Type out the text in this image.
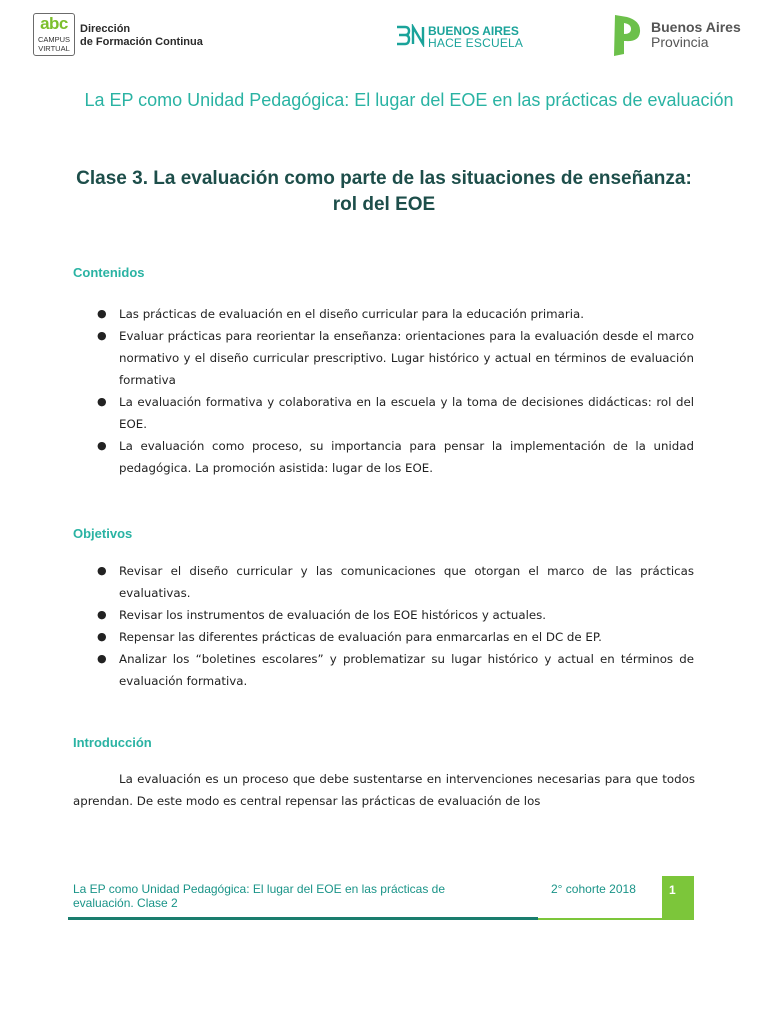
abc
CAMPUS
VIRTUAL
Dirección
de Formación Continua
BUENOS AIRES
HACE ESCUELA
Buenos Aires
Provincia
La EP como Unidad Pedagógica: El lugar del EOE en las prácticas de evaluación
Clase 3. La evaluación como parte de las situaciones de enseñanza: rol del EOE
Contenidos
● Las prácticas de evaluación en el diseño curricular para la educación primaria.
● Evaluar prácticas para reorientar la enseñanza: orientaciones para la evaluación desde el marco normativo y el diseño curricular prescriptivo. Lugar histórico y actual en términos de evaluación formativa
● La evaluación formativa y colaborativa en la escuela y la toma de decisiones didácticas: rol del EOE.
● La evaluación como proceso, su importancia para pensar la implementación de la unidad pedagógica. La promoción asistida: lugar de los EOE.
Objetivos
● Revisar el diseño curricular y las comunicaciones que otorgan el marco de las prácticas evaluativas.
● Revisar los instrumentos de evaluación de los EOE históricos y actuales.
● Repensar las diferentes prácticas de evaluación para enmarcarlas en el DC de EP.
● Analizar los “boletines escolares” y problematizar su lugar histórico y actual en términos de evaluación formativa.
Introducción
La evaluación es un proceso que debe sustentarse en intervenciones necesarias para que todos aprendan. De este modo es central repensar las prácticas de evaluación de los
La EP como Unidad Pedagógica: El lugar del EOE en las prácticas de evaluación. Clase 2
2° cohorte 2018	1
